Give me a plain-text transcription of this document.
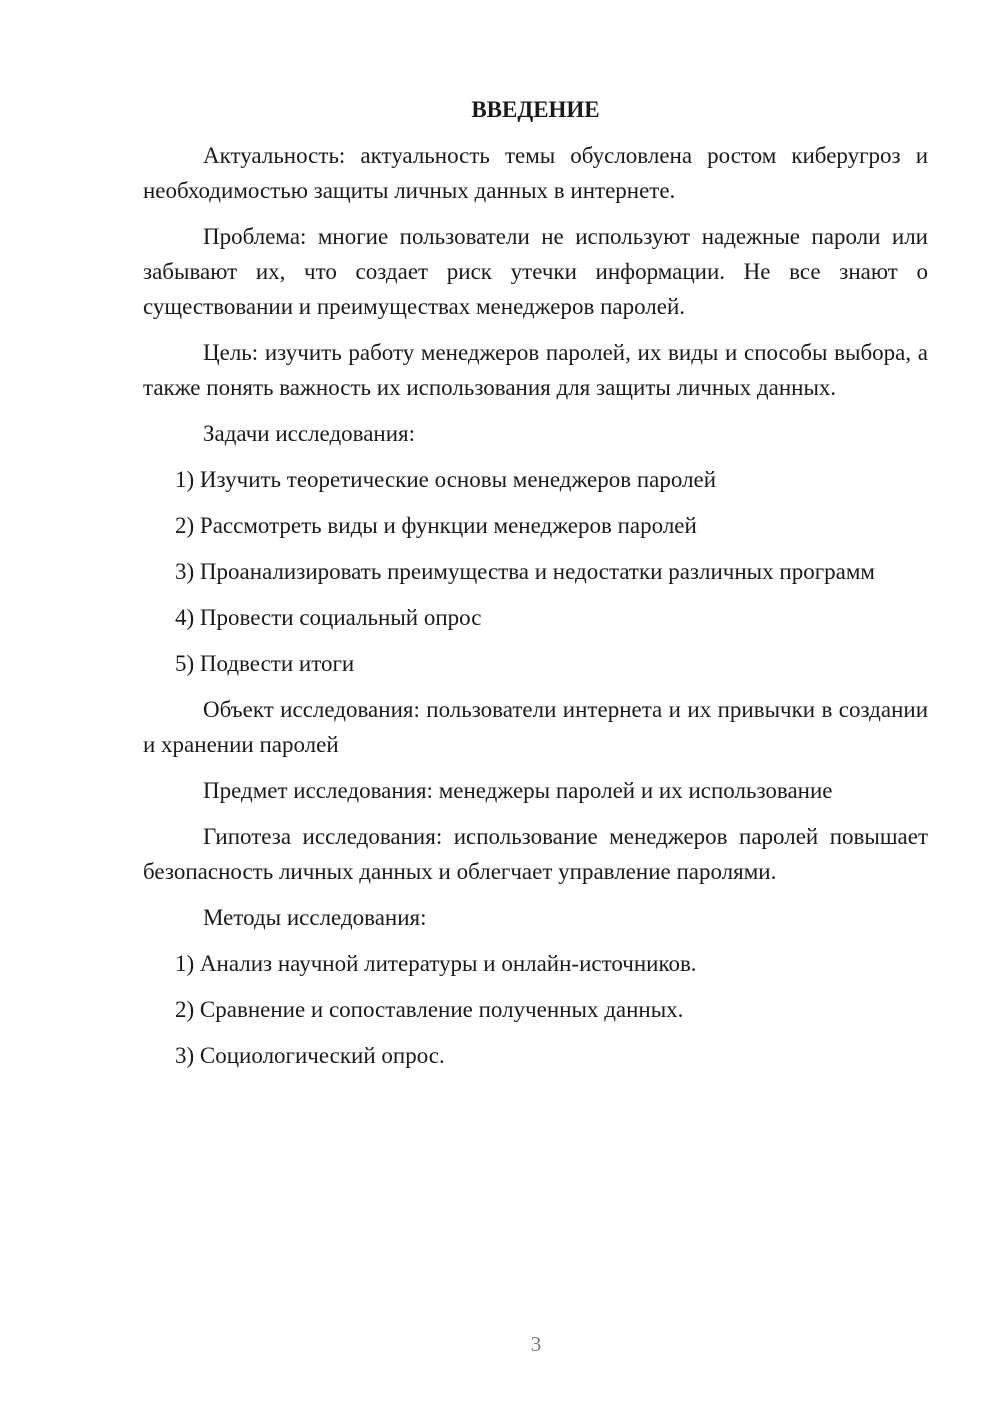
ВВЕДЕНИЕ
Актуальность: актуальность темы обусловлена ростом киберугроз и необходимостью защиты личных данных в интернете.
Проблема: многие пользователи не используют надежные пароли или забывают их, что создает риск утечки информации. Не все знают о существовании и преимуществах менеджеров паролей.
Цель: изучить работу менеджеров паролей, их виды и способы выбора, а также понять важность их использования для защиты личных данных.
Задачи исследования:
1) Изучить теоретические основы менеджеров паролей
2) Рассмотреть виды и функции менеджеров паролей
3) Проанализировать преимущества и недостатки различных программ
4) Провести социальный опрос
5) Подвести итоги
Объект исследования: пользователи интернета и их привычки в создании и хранении паролей
Предмет исследования: менеджеры паролей и их использование
Гипотеза исследования: использование менеджеров паролей повышает безопасность личных данных и облегчает управление паролями.
Методы исследования:
1) Анализ научной литературы и онлайн-источников.
2) Сравнение и сопоставление полученных данных.
3) Социологический опрос.
3
